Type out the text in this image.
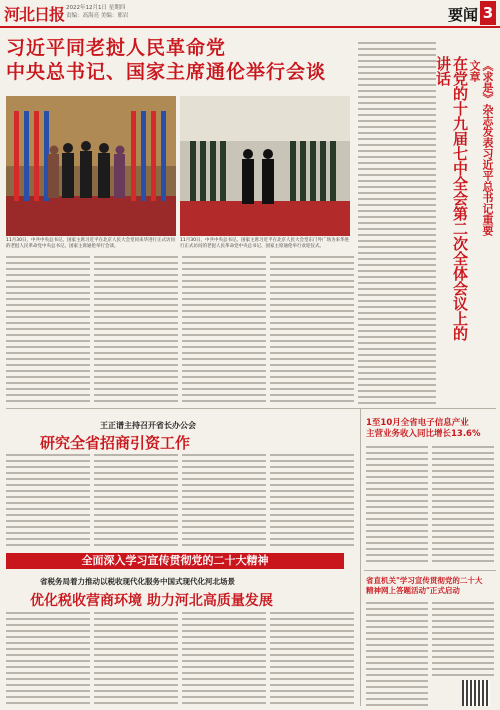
河北日报 2022年12月1日 星期四
责编：高海亮 美编：邢岩	要闻 3
习近平同老挝人民革命党
中央总书记、国家主席通伦举行会谈
11月30日，中共中央总书记、国家主席习近平在北京人民大会堂同来华进行正式访问的老挝人民革命党中央总书记、国家主席通伦举行会谈。
11月30日，中共中央总书记、国家主席习近平在北京人民大会堂东门外广场为来华进行正式访问的老挝人民革命党中央总书记、国家主席通伦举行欢迎仪式。	在党的十九届七中全会第二次全体会议上的讲话	《求是》杂志发表习近平总书记重要文章
王正谱主持召开省长办公会
研究全省招商引资工作
1至10月全省电子信息产业
主营业务收入同比增长13.6%
全面深入学习宣传贯彻党的二十大精神
省税务局着力推动以税收现代化服务中国式现代化河北场景
优化税收营商环境 助力河北高质量发展
省直机关"学习宣传贯彻党的二十大
精神网上答题活动"正式启动
